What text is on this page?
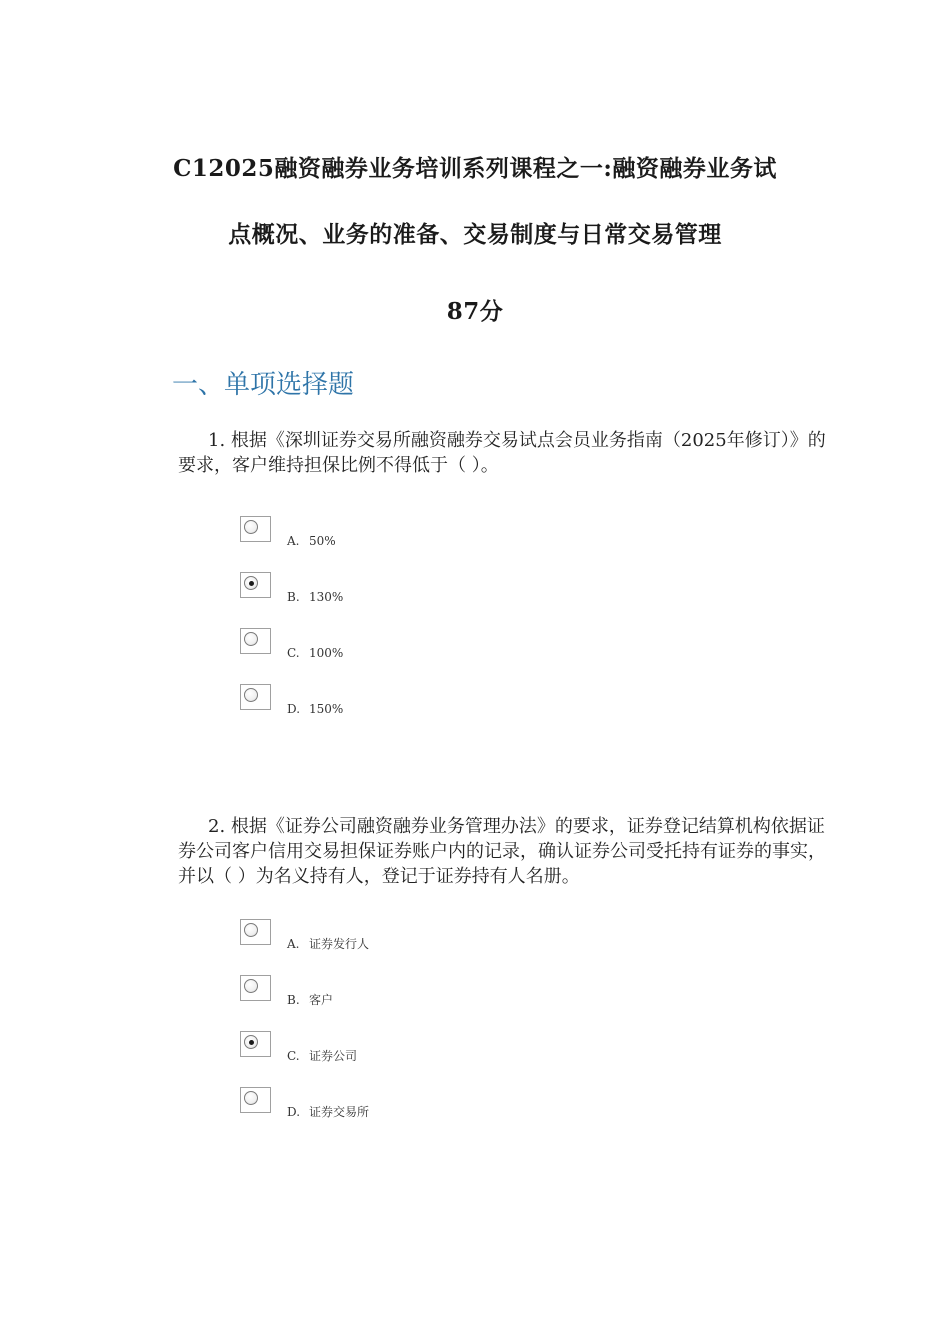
C12025融资融券业务培训系列课程之一:融资融券业务试
点概况、业务的准备、交易制度与日常交易管理
87分
一、单项选择题

1. 根据《深圳证券交易所融资融券交易试点会员业务指南（2025年修订）》的要求，客户维持担保比例不得低于（ ）。

A. 50%
B. 130%
C. 100%
D. 150%

2. 根据《证券公司融资融券业务管理办法》的要求，证券登记结算机构依据证券公司客户信用交易担保证券账户内的记录，确认证券公司受托持有证券的事实，并以（ ）为名义持有人，登记于证券持有人名册。

A. 证券发行人
B. 客户
C. 证券公司
D. 证券交易所
